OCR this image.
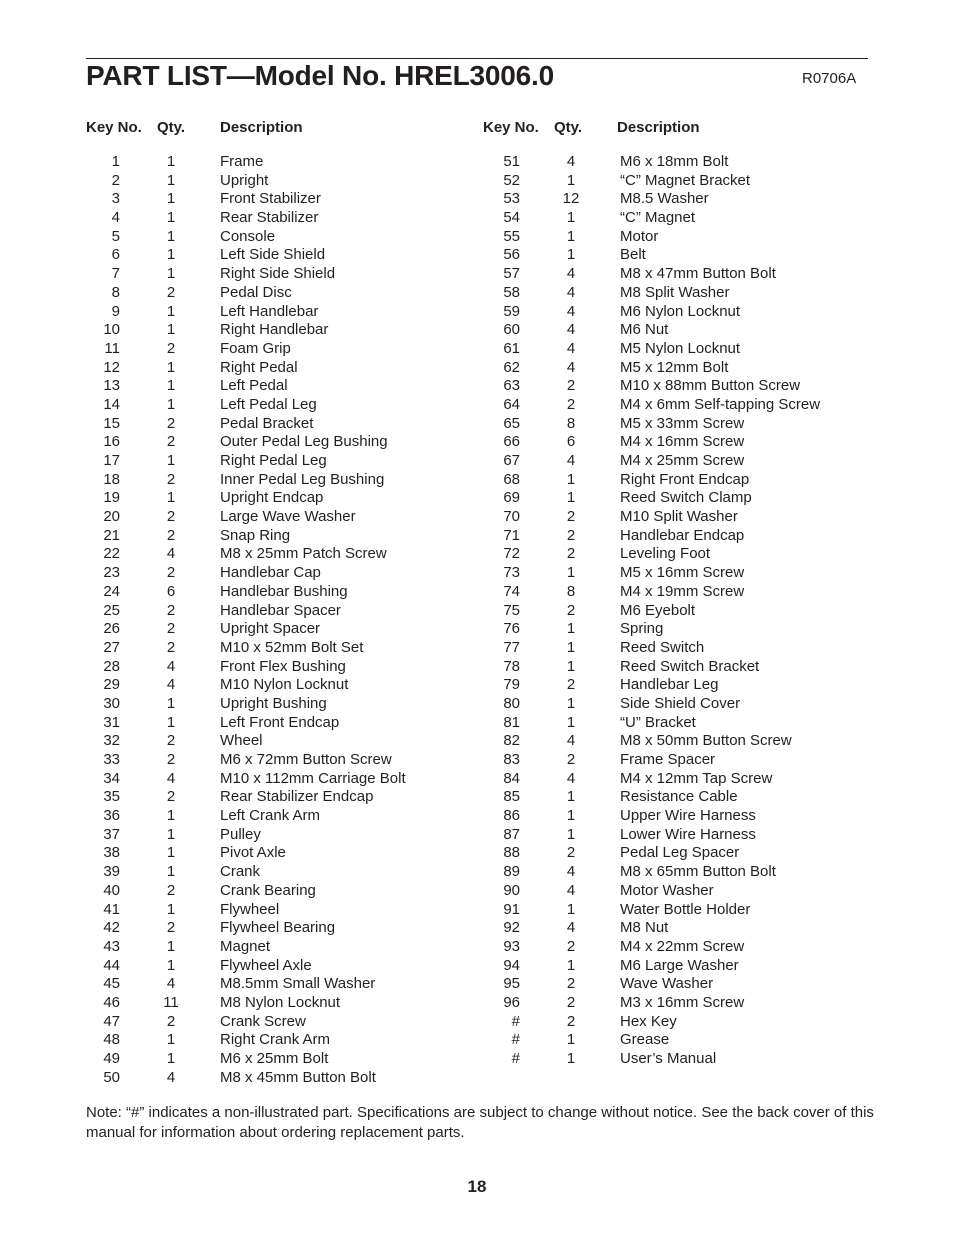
PART LIST—Model No. HREL3006.0	R0706A
Key No. Qty. Description	Key No. Qty. Description
1	1	Frame
2	1	Upright
3	1	Front Stabilizer
4	1	Rear Stabilizer
5	1	Console
6	1	Left Side Shield
7	1	Right Side Shield
8	2	Pedal Disc
9	1	Left Handlebar
10	1	Right Handlebar
11	2	Foam Grip
12	1	Right Pedal
13	1	Left Pedal
14	1	Left Pedal Leg
15	2	Pedal Bracket
16	2	Outer Pedal Leg Bushing
17	1	Right Pedal Leg
18	2	Inner Pedal Leg Bushing
19	1	Upright Endcap
20	2	Large Wave Washer
21	2	Snap Ring
22	4	M8 x 25mm Patch Screw
23	2	Handlebar Cap
24	6	Handlebar Bushing
25	2	Handlebar Spacer
26	2	Upright Spacer
27	2	M10 x 52mm Bolt Set
28	4	Front Flex Bushing
29	4	M10 Nylon Locknut
30	1	Upright Bushing
31	1	Left Front Endcap
32	2	Wheel
33	2	M6 x 72mm Button Screw
34	4	M10 x 112mm Carriage Bolt
35	2	Rear Stabilizer Endcap
36	1	Left Crank Arm
37	1	Pulley
38	1	Pivot Axle
39	1	Crank
40	2	Crank Bearing
41	1	Flywheel
42	2	Flywheel Bearing
43	1	Magnet
44	1	Flywheel Axle
45	4	M8.5mm Small Washer
46	11	M8 Nylon Locknut
47	2	Crank Screw
48	1	Right Crank Arm
49	1	M6 x 25mm Bolt
50	4	M8 x 45mm Button Bolt
51	4	M6 x 18mm Bolt
52	1	“C” Magnet Bracket
53	12	M8.5 Washer
54	1	“C” Magnet
55	1	Motor
56	1	Belt
57	4	M8 x 47mm Button Bolt
58	4	M8 Split Washer
59	4	M6 Nylon Locknut
60	4	M6 Nut
61	4	M5 Nylon Locknut
62	4	M5 x 12mm Bolt
63	2	M10 x 88mm Button Screw
64	2	M4 x 6mm Self-tapping Screw
65	8	M5 x 33mm Screw
66	6	M4 x 16mm Screw
67	4	M4 x 25mm Screw
68	1	Right Front Endcap
69	1	Reed Switch Clamp
70	2	M10 Split Washer
71	2	Handlebar Endcap
72	2	Leveling Foot
73	1	M5 x 16mm Screw
74	8	M4 x 19mm Screw
75	2	M6 Eyebolt
76	1	Spring
77	1	Reed Switch
78	1	Reed Switch Bracket
79	2	Handlebar Leg
80	1	Side Shield Cover
81	1	“U” Bracket
82	4	M8 x 50mm Button Screw
83	2	Frame Spacer
84	4	M4 x 12mm Tap Screw
85	1	Resistance Cable
86	1	Upper Wire Harness
87	1	Lower Wire Harness
88	2	Pedal Leg Spacer
89	4	M8 x 65mm Button Bolt
90	4	Motor Washer
91	1	Water Bottle Holder
92	4	M8 Nut
93	2	M4 x 22mm Screw
94	1	M6 Large Washer
95	2	Wave Washer
96	2	M3 x 16mm Screw
#	2	Hex Key
#	1	Grease
#	1	User’s Manual
Note: “#” indicates a non-illustrated part. Specifications are subject to change without notice. See the back cover of this manual for information about ordering replacement parts.
18
